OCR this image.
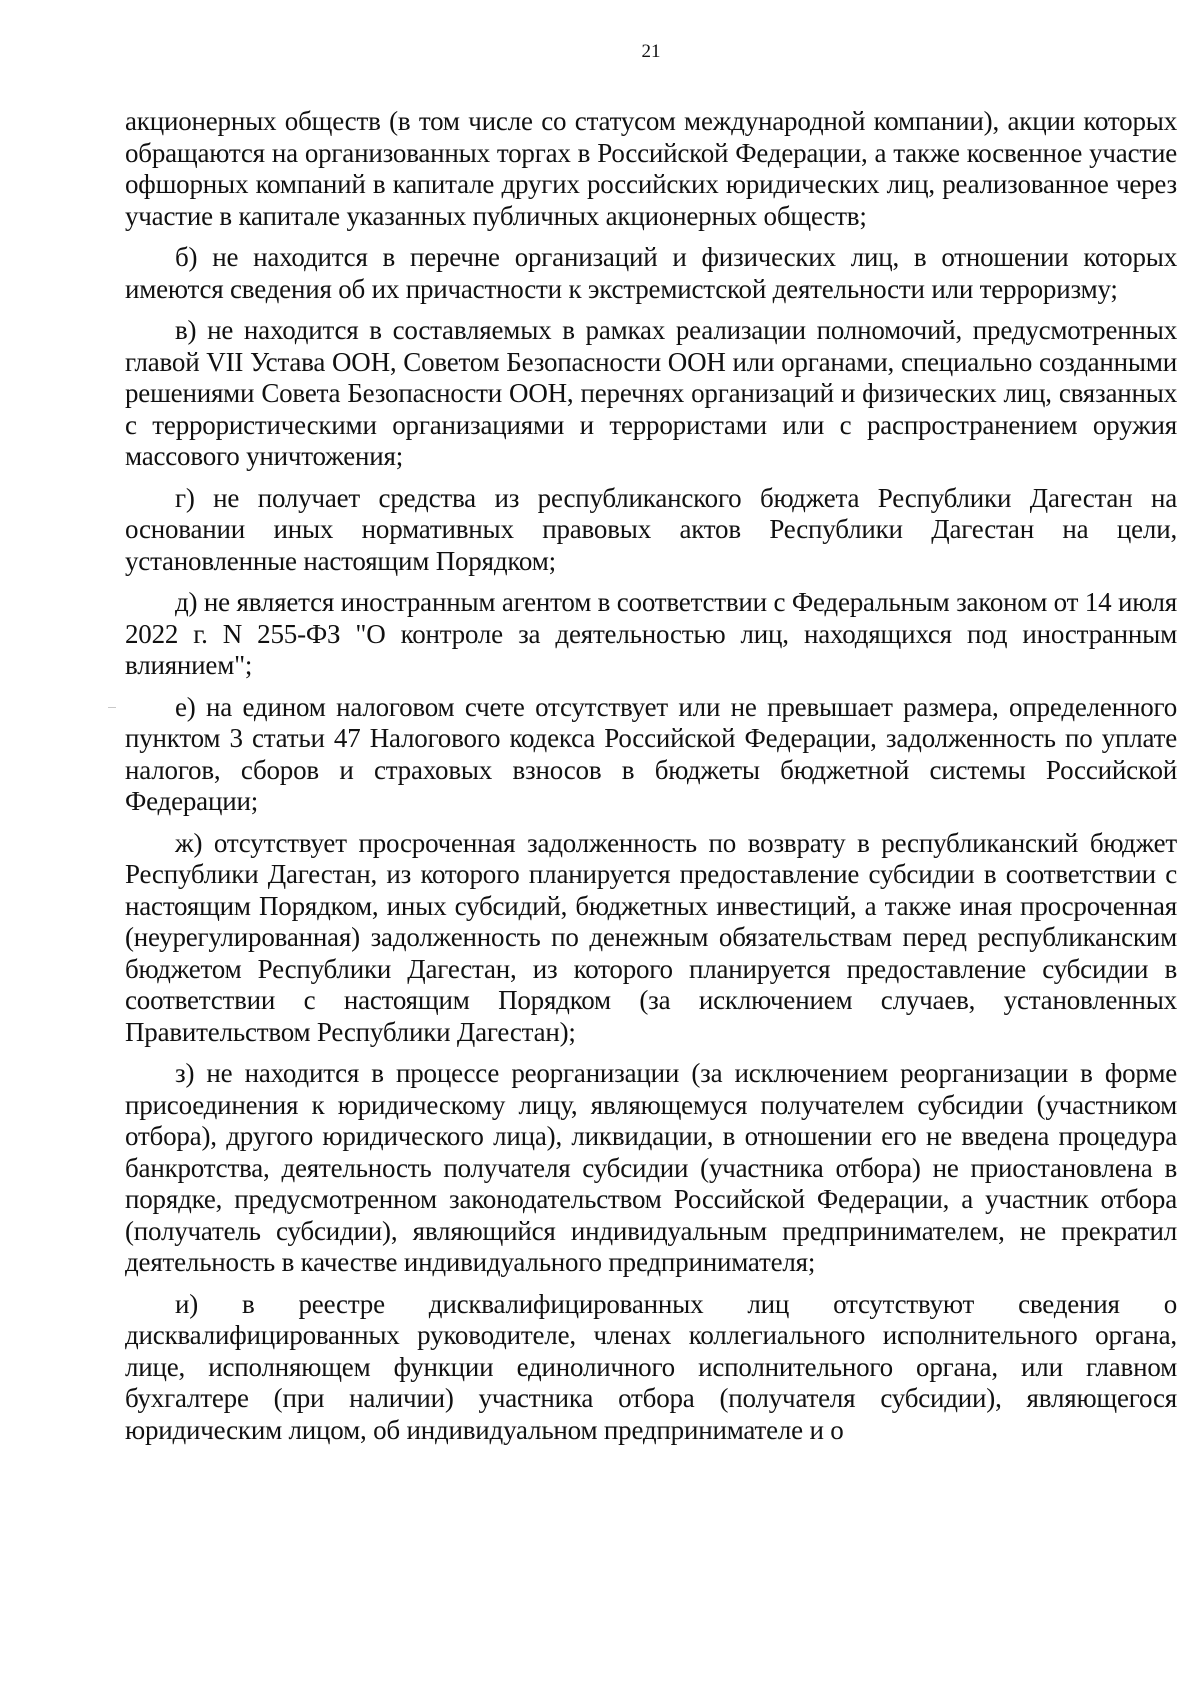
21

акционерных обществ (в том числе со статусом международной компании), акции которых обращаются на организованных торгах в Российской Федерации, а также косвенное участие офшорных компаний в капитале других российских юридических лиц, реализованное через участие в капитале указанных публичных акционерных обществ;

б) не находится в перечне организаций и физических лиц, в отношении которых имеются сведения об их причастности к экстремистской деятельности или терроризму;

в) не находится в составляемых в рамках реализации полномочий, предусмотренных главой VII Устава ООН, Советом Безопасности ООН или органами, специально созданными решениями Совета Безопасности ООН, перечнях организаций и физических лиц, связанных с террористическими организациями и террористами или с распространением оружия массового уничтожения;

г) не получает средства из республиканского бюджета Республики Дагестан на основании иных нормативных правовых актов Республики Дагестан на цели, установленные настоящим Порядком;

д) не является иностранным агентом в соответствии с Федеральным законом от 14 июля 2022 г. N 255-ФЗ "О контроле за деятельностью лиц, находящихся под иностранным влиянием";

е) на едином налоговом счете отсутствует или не превышает размера, определенного пунктом 3 статьи 47 Налогового кодекса Российской Федерации, задолженность по уплате налогов, сборов и страховых взносов в бюджеты бюджетной системы Российской Федерации;

ж) отсутствует просроченная задолженность по возврату в республиканский бюджет Республики Дагестан, из которого планируется предоставление субсидии в соответствии с настоящим Порядком, иных субсидий, бюджетных инвестиций, а также иная просроченная (неурегулированная) задолженность по денежным обязательствам перед республиканским бюджетом Республики Дагестан, из которого планируется предоставление субсидии в соответствии с настоящим Порядком (за исключением случаев, установленных Правительством Республики Дагестан);

з) не находится в процессе реорганизации (за исключением реорганизации в форме присоединения к юридическому лицу, являющемуся получателем субсидии (участником отбора), другого юридического лица), ликвидации, в отношении его не введена процедура банкротства, деятельность получателя субсидии (участника отбора) не приостановлена в порядке, предусмотренном законодательством Российской Федерации, а участник отбора (получатель субсидии), являющийся индивидуальным предпринимателем, не прекратил деятельность в качестве индивидуального предпринимателя;

и) в реестре дисквалифицированных лиц отсутствуют сведения о дисквалифицированных руководителе, членах коллегиального исполнительного органа, лице, исполняющем функции единоличного исполнительного органа, или главном бухгалтере (при наличии) участника отбора (получателя субсидии), являющегося юридическим лицом, об индивидуальном предпринимателе и о
